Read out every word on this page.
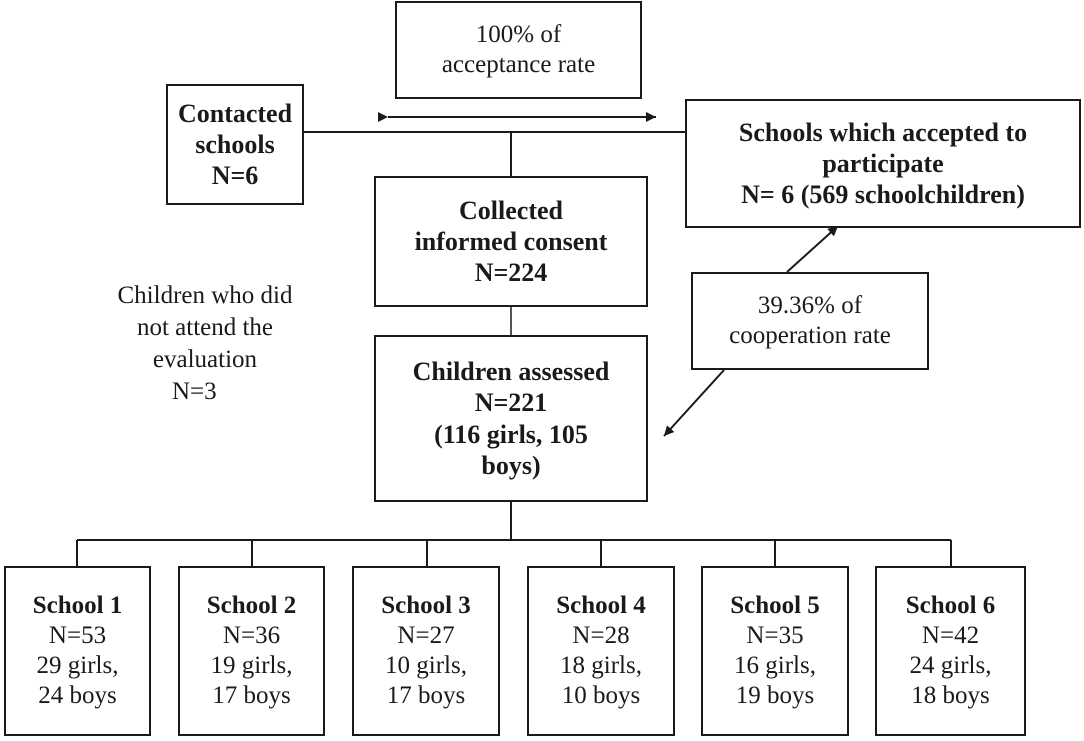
100% of
acceptance rate
Contacted
schools
N=6
Schools which accepted to
participate
N= 6 (569 schoolchildren)
Collected
informed consent
N=224
39.36% of
cooperation rate
Children who did
not attend the
evaluation
N=3
Children assessed
N=221
(116 girls, 105
boys)
School 1
N=53
29 girls,
24 boys
School 2
N=36
19 girls,
17 boys
School 3
N=27
10 girls,
17 boys
School 4
N=28
18 girls,
10 boys
School 5
N=35
16 girls,
19 boys
School 6
N=42
24 girls,
18 boys
